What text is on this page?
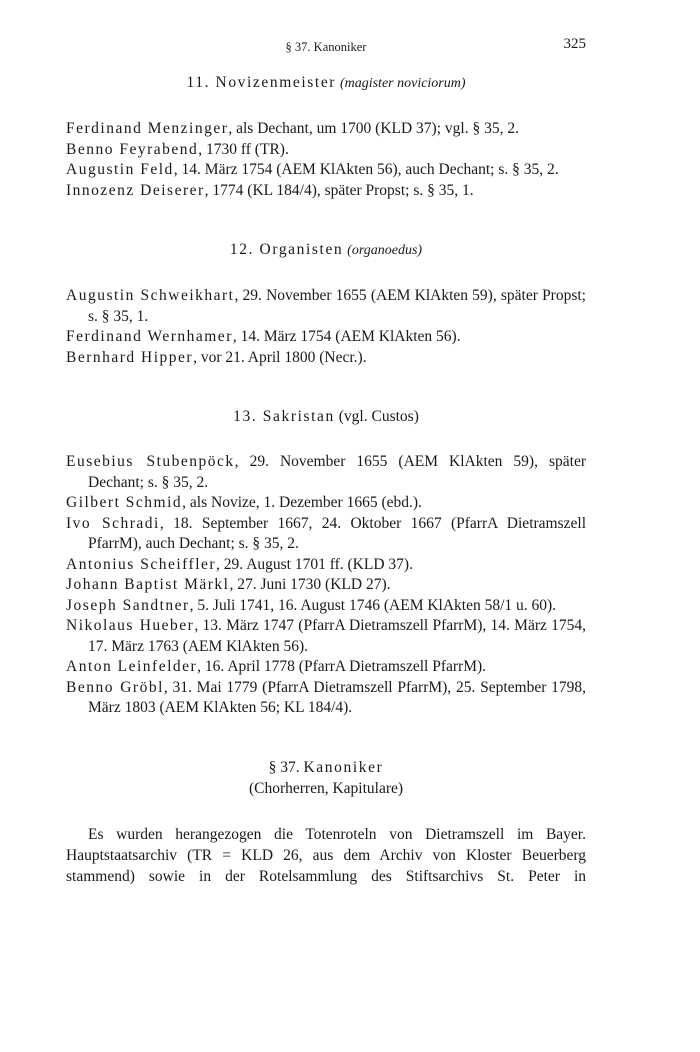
§ 37. Kanoniker	325
11. Novizenmeister (magister noviciorum)
Ferdinand Menzinger, als Dechant, um 1700 (KLD 37); vgl. § 35, 2.
Benno Feyrabend, 1730 ff (TR).
Augustin Feld, 14. März 1754 (AEM KlAkten 56), auch Dechant; s. § 35, 2.
Innozenz Deiserer, 1774 (KL 184/4), später Propst; s. § 35, 1.
12. Organisten (organoedus)
Augustin Schweikhart, 29. November 1655 (AEM KlAkten 59), später Propst; s. § 35, 1.
Ferdinand Wernhamer, 14. März 1754 (AEM KlAkten 56).
Bernhard Hipper, vor 21. April 1800 (Necr.).
13. Sakristan (vgl. Custos)
Eusebius Stubenpöck, 29. November 1655 (AEM KlAkten 59), später Dechant; s. § 35, 2.
Gilbert Schmid, als Novize, 1. Dezember 1665 (ebd.).
Ivo Schradi, 18. September 1667, 24. Oktober 1667 (PfarrA Dietramszell PfarrM), auch Dechant; s. § 35, 2.
Antonius Scheiffler, 29. August 1701 ff. (KLD 37).
Johann Baptist Märkl, 27. Juni 1730 (KLD 27).
Joseph Sandtner, 5. Juli 1741, 16. August 1746 (AEM KlAkten 58/1 u. 60).
Nikolaus Hueber, 13. März 1747 (PfarrA Dietramszell PfarrM), 14. März 1754, 17. März 1763 (AEM KlAkten 56).
Anton Leinfelder, 16. April 1778 (PfarrA Dietramszell PfarrM).
Benno Gröbl, 31. Mai 1779 (PfarrA Dietramszell PfarrM), 25. September 1798, März 1803 (AEM KlAkten 56; KL 184/4).
§ 37. Kanoniker
(Chorherren, Kapitulare)
Es wurden herangezogen die Totenroteln von Dietramszell im Bayer. Hauptstaatsarchiv (TR = KLD 26, aus dem Archiv von Kloster Beuerberg stammend) sowie in der Rotelsammlung des Stiftsarchivs St. Peter in
